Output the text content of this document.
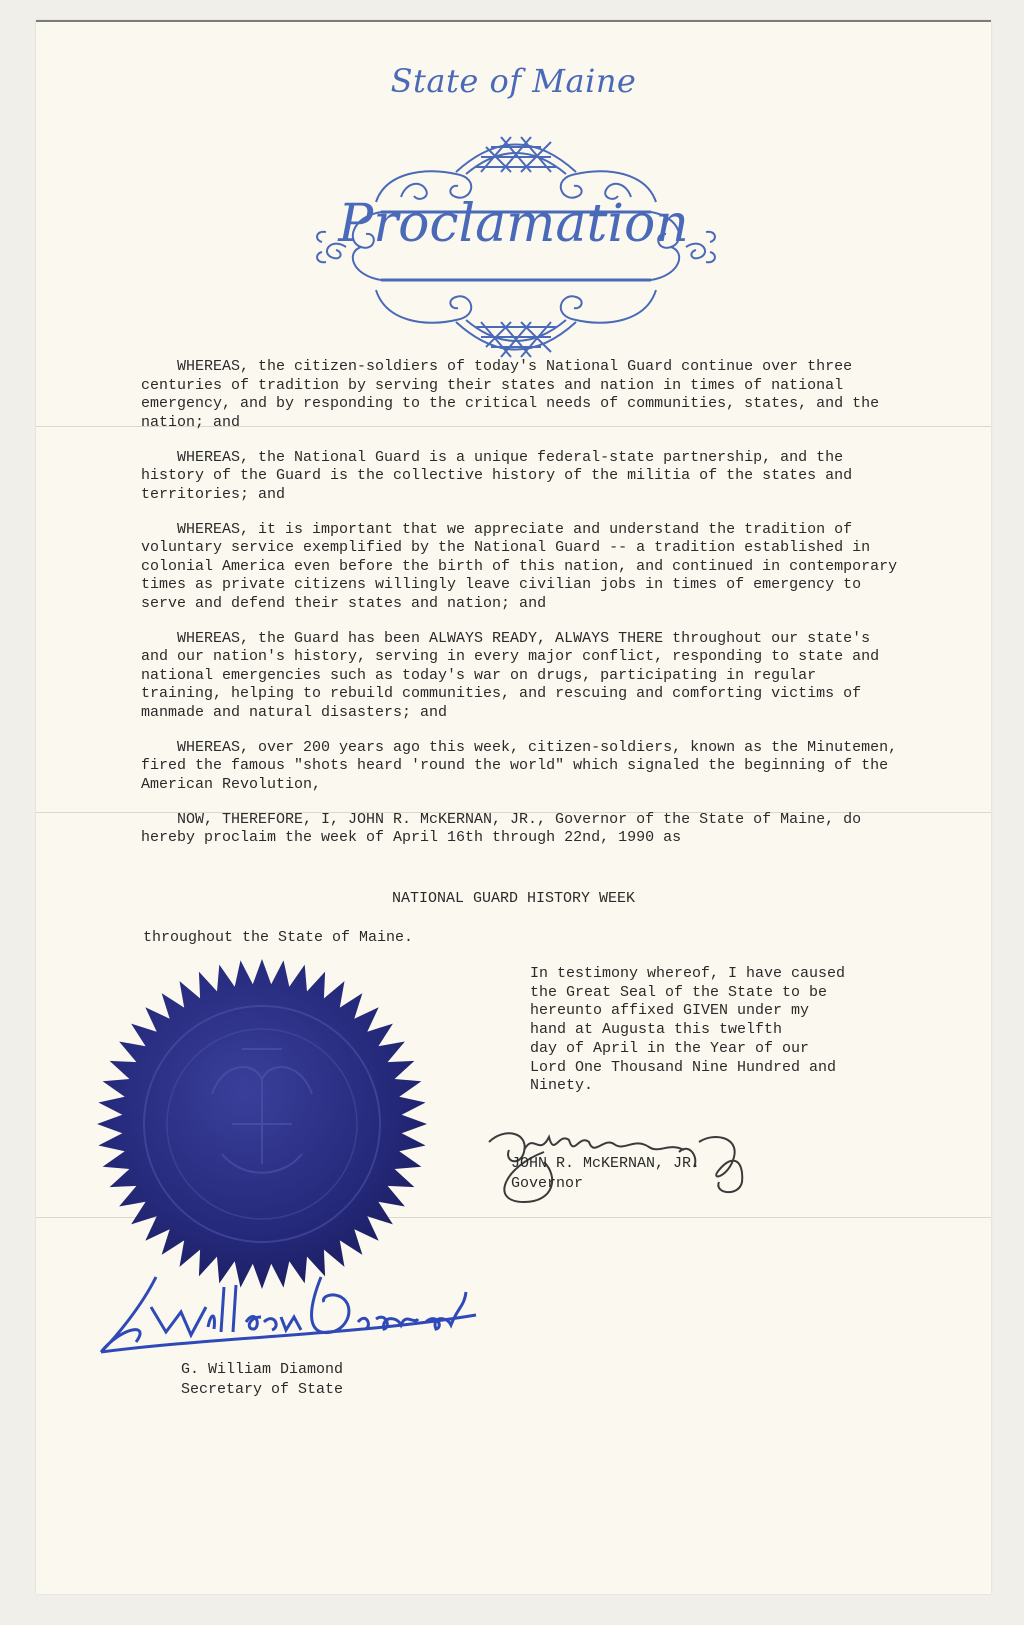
State of Maine
Proclamation

WHEREAS, the citizen-soldiers of today's National Guard continue over three centuries of tradition by serving their states and nation in times of national emergency, and by responding to the critical needs of communities, states, and the nation; and

WHEREAS, the National Guard is a unique federal-state partnership, and the history of the Guard is the collective history of the militia of the states and territories; and

WHEREAS, it is important that we appreciate and understand the tradition of voluntary service exemplified by the National Guard -- a tradition established in colonial America even before the birth of this nation, and continued in contemporary times as private citizens willingly leave civilian jobs in times of emergency to serve and defend their states and nation; and

WHEREAS, the Guard has been ALWAYS READY, ALWAYS THERE throughout our state's and our nation's history, serving in every major conflict, responding to state and national emergencies such as today's war on drugs, participating in regular training, helping to rebuild communities, and rescuing and comforting victims of manmade and natural disasters; and

WHEREAS, over 200 years ago this week, citizen-soldiers, known as the Minutemen, fired the famous "shots heard 'round the world" which signaled the beginning of the American Revolution,

NOW, THEREFORE, I, JOHN R. McKERNAN, JR., Governor of the State of Maine, do hereby proclaim the week of April 16th through 22nd, 1990 as

NATIONAL GUARD HISTORY WEEK
throughout the State of Maine.
In testimony whereof, I have caused
the Great Seal of the State to be
hereunto affixed GIVEN under my
hand at Augusta this twelfth
day of April in the Year of our
Lord One Thousand Nine Hundred and
Ninety.
JOHN R. McKERNAN, JR.
Governor
G. William Diamond
Secretary of State
